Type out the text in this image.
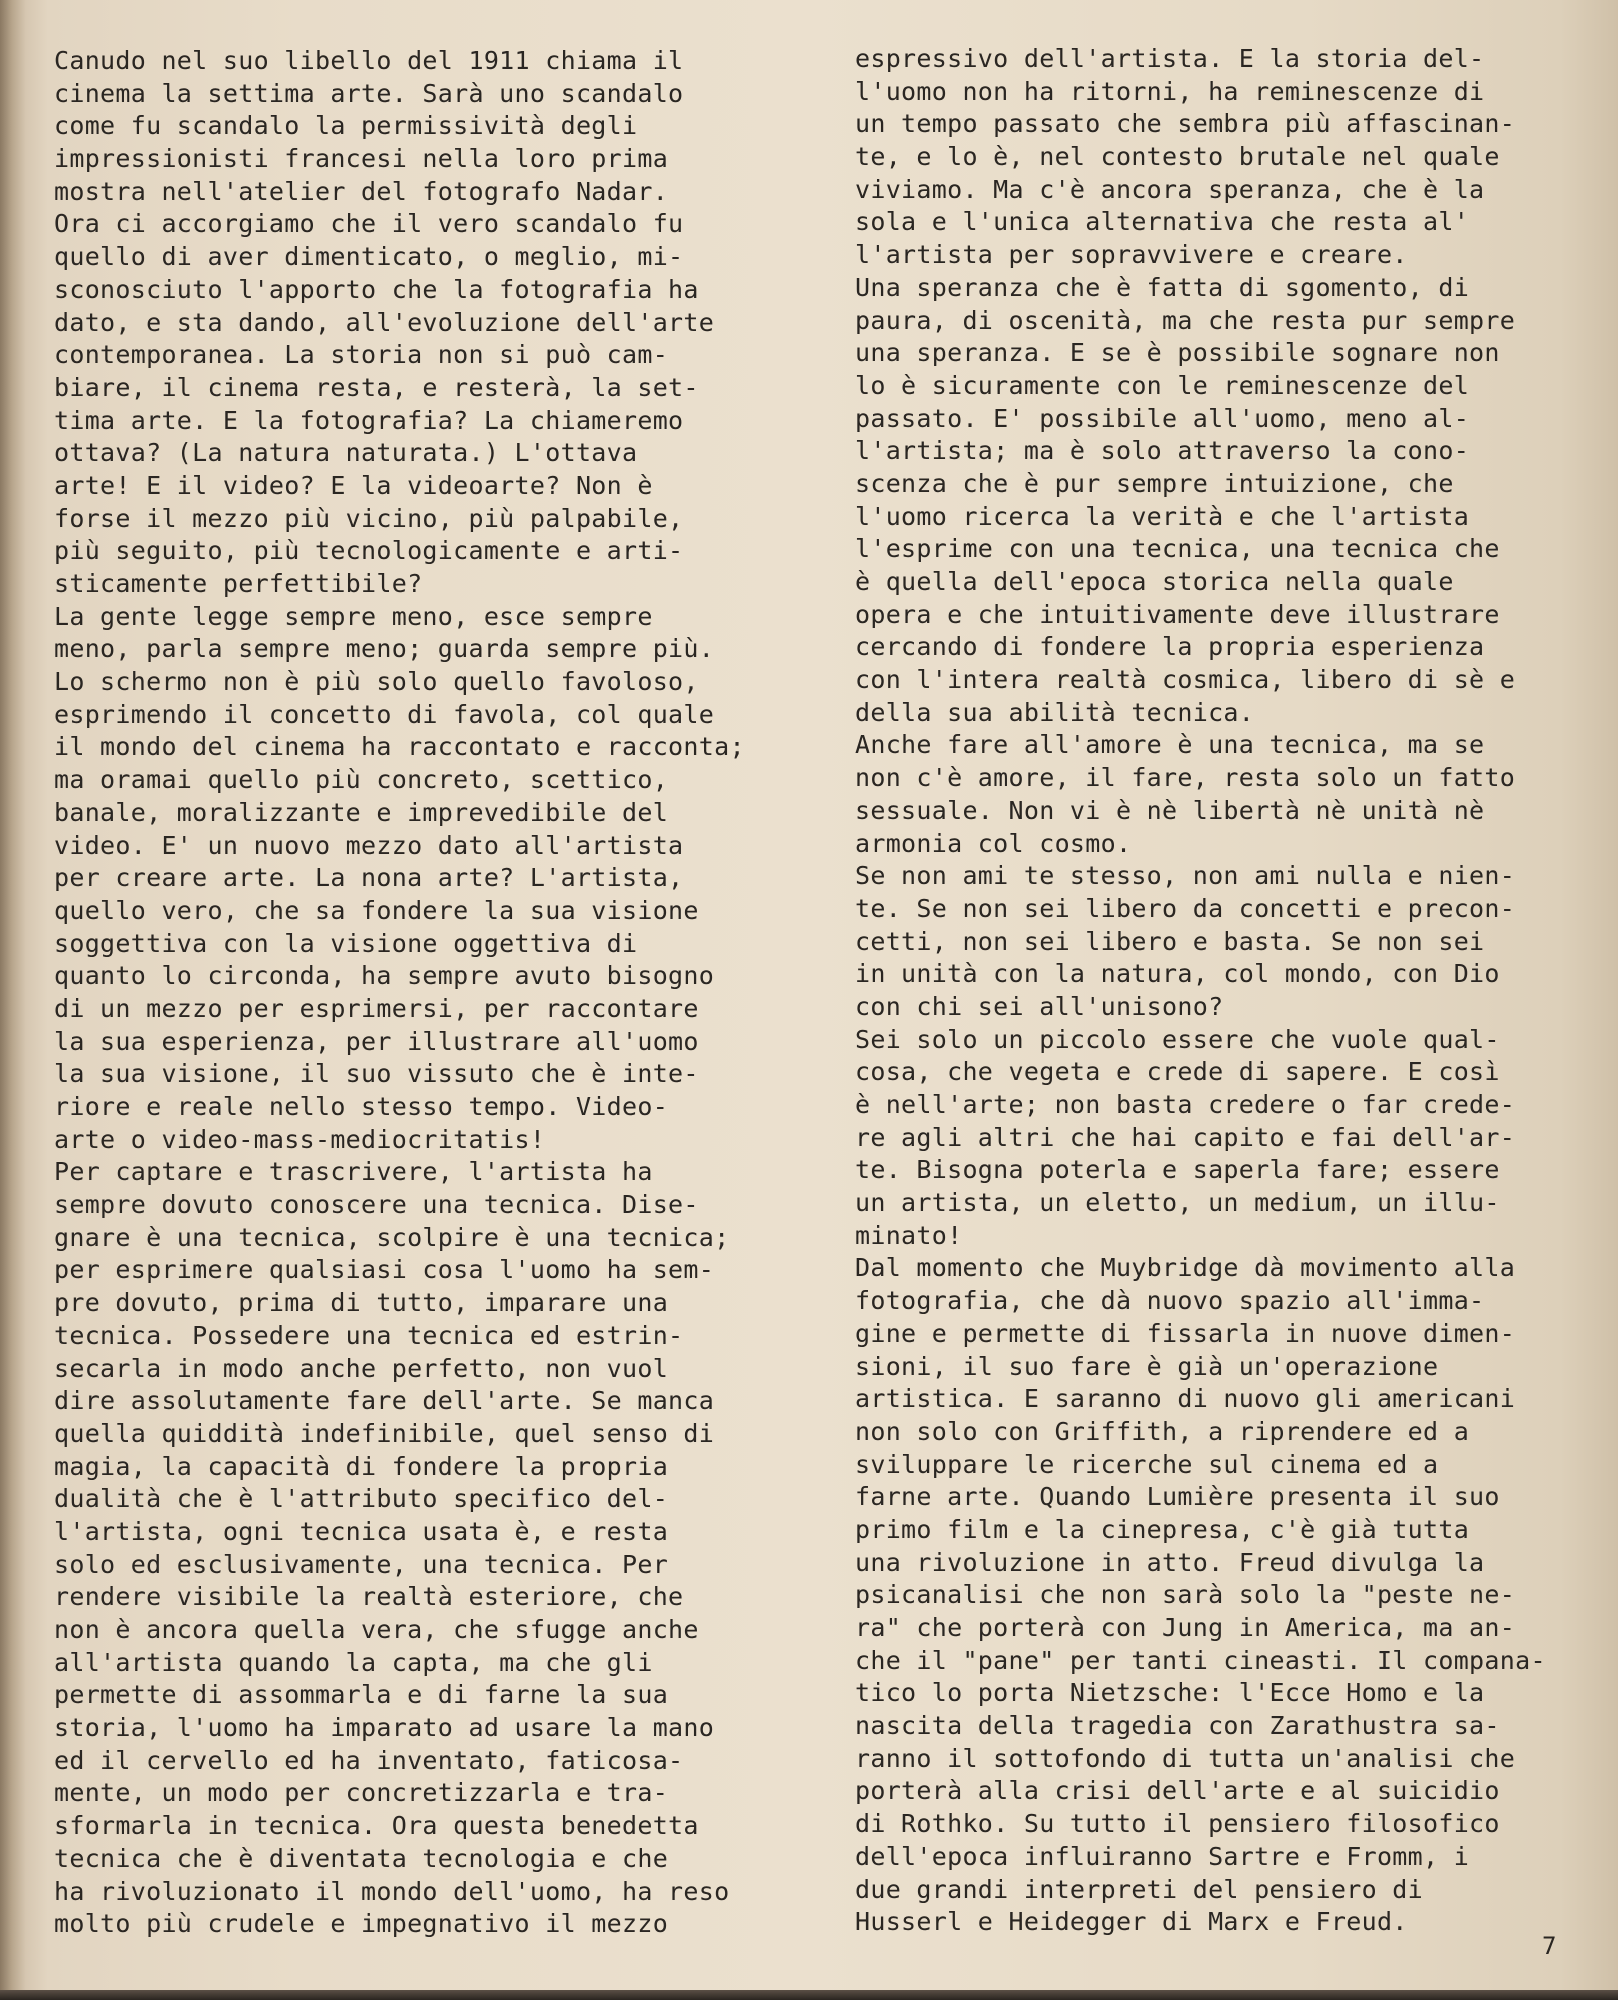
Canudo nel suo libello del 1911 chiama il
cinema la settima arte. Sarà uno scandalo
come fu scandalo la permissività degli
impressionisti francesi nella loro prima
mostra nell'atelier del fotografo Nadar.
Ora ci accorgiamo che il vero scandalo fu
quello di aver dimenticato, o meglio, mi-
sconosciuto l'apporto che la fotografia ha
dato, e sta dando, all'evoluzione dell'arte
contemporanea. La storia non si può cam-
biare, il cinema resta, e resterà, la set-
tima arte. E la fotografia? La chiameremo
ottava? (La natura naturata.) L'ottava
arte! E il video? E la videoarte? Non è
forse il mezzo più vicino, più palpabile,
più seguito, più tecnologicamente e arti-
sticamente perfettibile?
La gente legge sempre meno, esce sempre
meno, parla sempre meno; guarda sempre più.
Lo schermo non è più solo quello favoloso,
esprimendo il concetto di favola, col quale
il mondo del cinema ha raccontato e racconta;
ma oramai quello più concreto, scettico,
banale, moralizzante e imprevedibile del
video. E' un nuovo mezzo dato all'artista
per creare arte. La nona arte? L'artista,
quello vero, che sa fondere la sua visione
soggettiva con la visione oggettiva di
quanto lo circonda, ha sempre avuto bisogno
di un mezzo per esprimersi, per raccontare
la sua esperienza, per illustrare all'uomo
la sua visione, il suo vissuto che è inte-
riore e reale nello stesso tempo. Video-
arte o video-mass-mediocritatis!
Per captare e trascrivere, l'artista ha
sempre dovuto conoscere una tecnica. Dise-
gnare è una tecnica, scolpire è una tecnica;
per esprimere qualsiasi cosa l'uomo ha sem-
pre dovuto, prima di tutto, imparare una
tecnica. Possedere una tecnica ed estrin-
secarla in modo anche perfetto, non vuol
dire assolutamente fare dell'arte. Se manca
quella quiddità indefinibile, quel senso di
magia, la capacità di fondere la propria
dualità che è l'attributo specifico del-
l'artista, ogni tecnica usata è, e resta
solo ed esclusivamente, una tecnica. Per
rendere visibile la realtà esteriore, che
non è ancora quella vera, che sfugge anche
all'artista quando la capta, ma che gli
permette di assommarla e di farne la sua
storia, l'uomo ha imparato ad usare la mano
ed il cervello ed ha inventato, faticosa-
mente, un modo per concretizzarla e tra-
sformarla in tecnica. Ora questa benedetta
tecnica che è diventata tecnologia e che
ha rivoluzionato il mondo dell'uomo, ha reso
molto più crudele e impegnativo il mezzo
espressivo dell'artista. E la storia del-
l'uomo non ha ritorni, ha reminescenze di
un tempo passato che sembra più affascinan-
te, e lo è, nel contesto brutale nel quale
viviamo. Ma c'è ancora speranza, che è la
sola e l'unica alternativa che resta al'
l'artista per sopravvivere e creare.
Una speranza che è fatta di sgomento, di
paura, di oscenità, ma che resta pur sempre
una speranza. E se è possibile sognare non
lo è sicuramente con le reminescenze del
passato. E' possibile all'uomo, meno al-
l'artista; ma è solo attraverso la cono-
scenza che è pur sempre intuizione, che
l'uomo ricerca la verità e che l'artista
l'esprime con una tecnica, una tecnica che
è quella dell'epoca storica nella quale
opera e che intuitivamente deve illustrare
cercando di fondere la propria esperienza
con l'intera realtà cosmica, libero di sè e
della sua abilità tecnica.
Anche fare all'amore è una tecnica, ma se
non c'è amore, il fare, resta solo un fatto
sessuale. Non vi è nè libertà nè unità nè
armonia col cosmo.
Se non ami te stesso, non ami nulla e nien-
te. Se non sei libero da concetti e precon-
cetti, non sei libero e basta. Se non sei
in unità con la natura, col mondo, con Dio
con chi sei all'unisono?
Sei solo un piccolo essere che vuole qual-
cosa, che vegeta e crede di sapere. E così
è nell'arte; non basta credere o far crede-
re agli altri che hai capito e fai dell'ar-
te. Bisogna poterla e saperla fare; essere
un artista, un eletto, un medium, un illu-
minato!
Dal momento che Muybridge dà movimento alla
fotografia, che dà nuovo spazio all'imma-
gine e permette di fissarla in nuove dimen-
sioni, il suo fare è già un'operazione
artistica. E saranno di nuovo gli americani
non solo con Griffith, a riprendere ed a
sviluppare le ricerche sul cinema ed a
farne arte. Quando Lumière presenta il suo
primo film e la cinepresa, c'è già tutta
una rivoluzione in atto. Freud divulga la
psicanalisi che non sarà solo la "peste ne-
ra" che porterà con Jung in America, ma an-
che il "pane" per tanti cineasti. Il compana-
tico lo porta Nietzsche: l'Ecce Homo e la
nascita della tragedia con Zarathustra sa-
ranno il sottofondo di tutta un'analisi che
porterà alla crisi dell'arte e al suicidio
di Rothko. Su tutto il pensiero filosofico
dell'epoca influiranno Sartre e Fromm, i
due grandi interpreti del pensiero di
Husserl e Heidegger di Marx e Freud.
7
